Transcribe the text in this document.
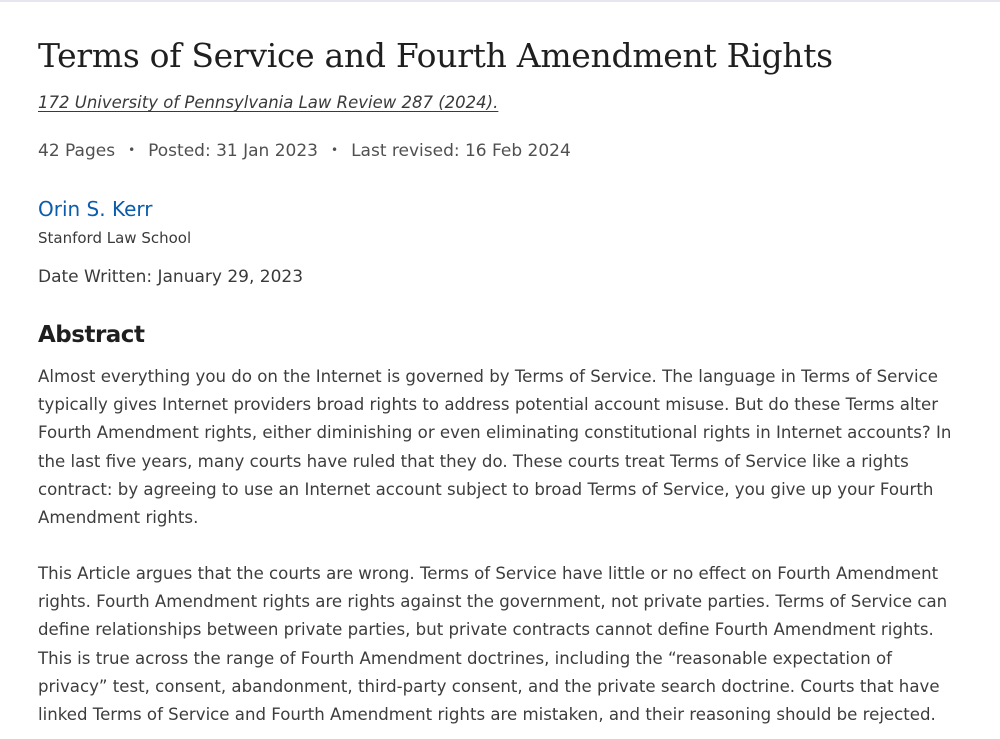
Terms of Service and Fourth Amendment Rights
172 University of Pennsylvania Law Review 287 (2024).
42 Pages • Posted: 31 Jan 2023 • Last revised: 16 Feb 2024
Orin S. Kerr
Stanford Law School
Date Written: January 29, 2023
Abstract

Almost everything you do on the Internet is governed by Terms of Service. The language in Terms of Service typically gives Internet providers broad rights to address potential account misuse. But do these Terms alter Fourth Amendment rights, either diminishing or even eliminating constitutional rights in Internet accounts? In the last five years, many courts have ruled that they do. These courts treat Terms of Service like a rights contract: by agreeing to use an Internet account subject to broad Terms of Service, you give up your Fourth Amendment rights.

This Article argues that the courts are wrong. Terms of Service have little or no effect on Fourth Amendment rights. Fourth Amendment rights are rights against the government, not private parties. Terms of Service can define relationships between private parties, but private contracts cannot define Fourth Amendment rights. This is true across the range of Fourth Amendment doctrines, including the “reasonable expectation of privacy” test, consent, abandonment, third-party consent, and the private search doctrine. Courts that have linked Terms of Service and Fourth Amendment rights are mistaken, and their reasoning should be rejected.
